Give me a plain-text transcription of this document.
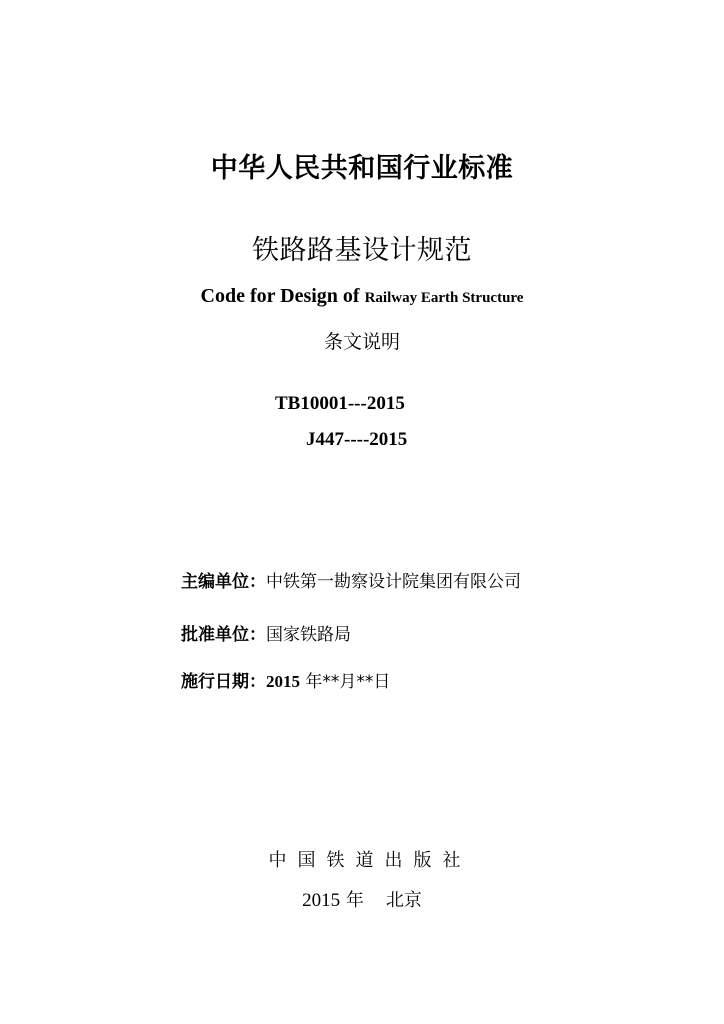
中华人民共和国行业标准
铁路路基设计规范
Code for Design of Railway Earth Structure
条文说明
TB10001---2015
J447----2015
主编单位：中铁第一勘察设计院集团有限公司
批准单位：国家铁路局
施行日期：2015 年**月**日
中国铁道出版社
2015 年 北京
